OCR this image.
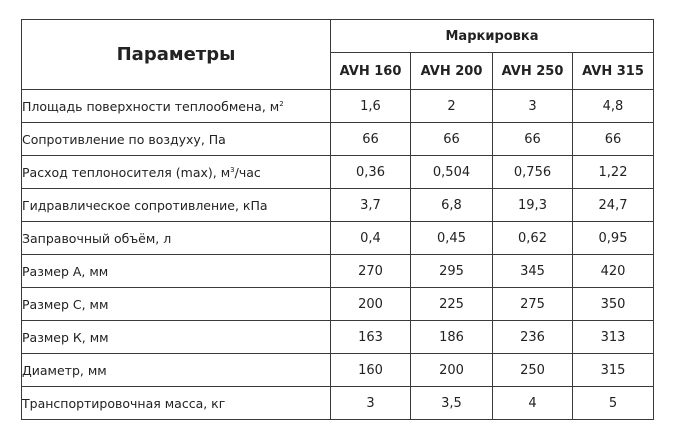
Параметры	Маркировка			
	AVH 160	AVH 200	AVH 250	AVH 315
Площадь поверхности теплообмена, $м^2$	1,6	2	3	4,8
Сопротивление по воздуху, Па	66	66	66	66
Расход теплоносителя (max), $м^3$/час	0,36	0,504	0,756	1,22
Гидравлическое сопротивление, кПа	3,7	6,8	19,3	24,7
Заправочный объём, л	0,4	0,45	0,62	0,95
Размер А, мм	270	295	345	420
Размер С, мм	200	225	275	350
Размер К, мм	163	186	236	313
Диаметр, мм	160	200	250	315
Транспортировочная масса, кг	3	3,5	4	5
